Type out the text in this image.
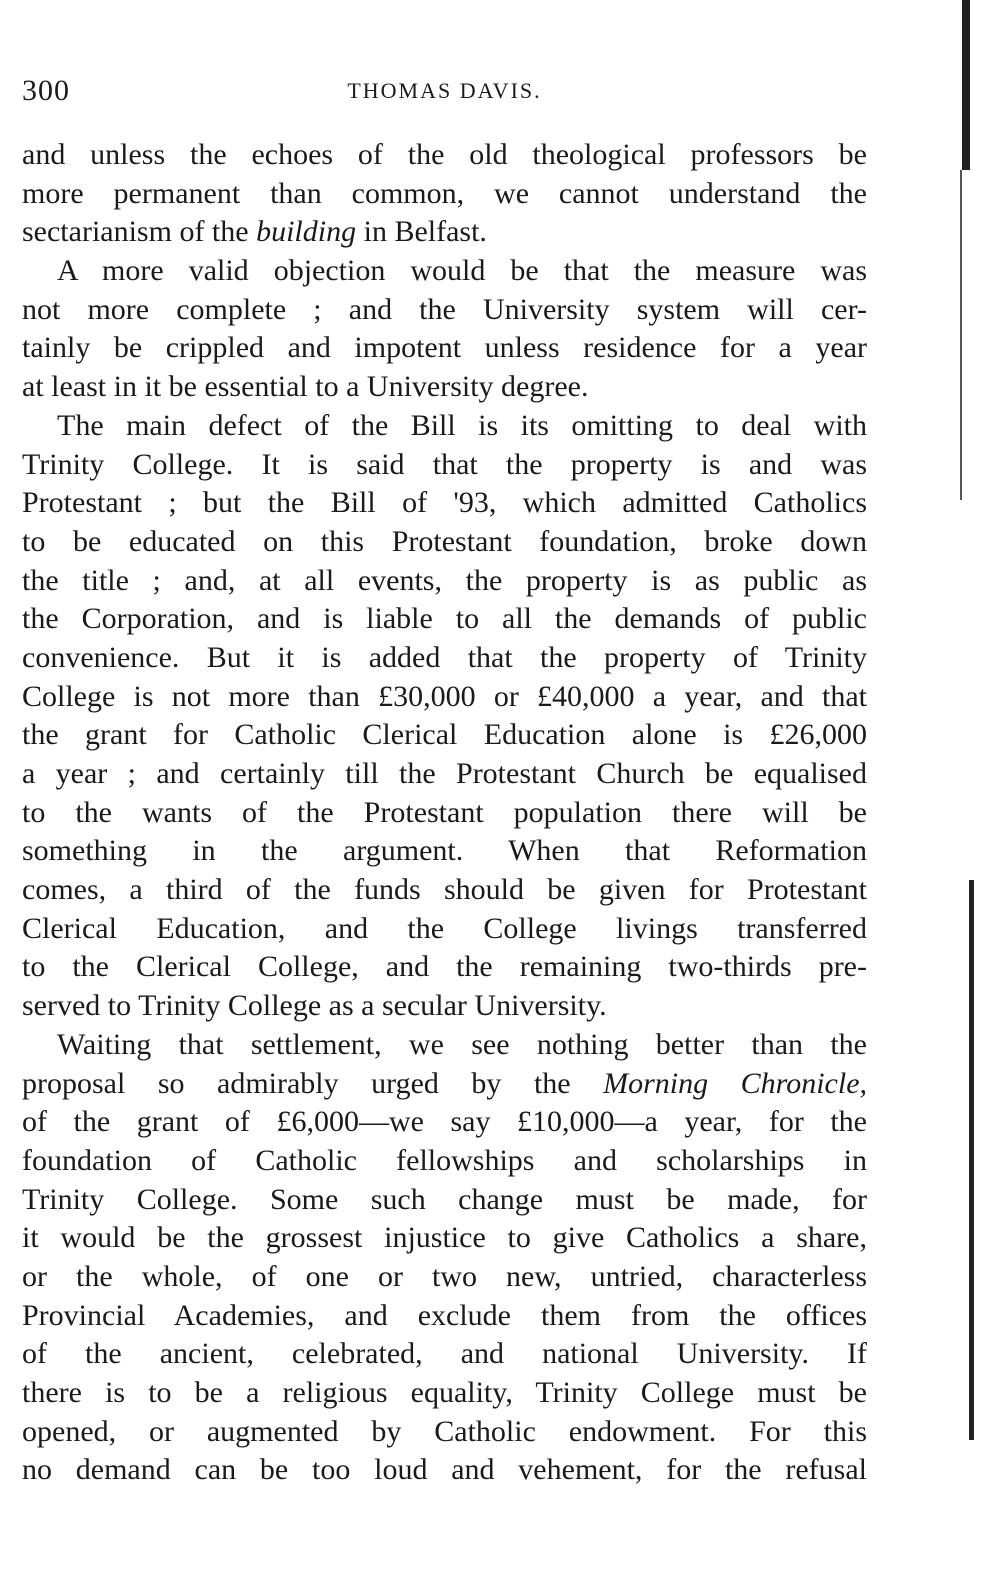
300	THOMAS DAVIS.
and unless the echoes of the old theological professors be
more permanent than common, we cannot understand the
sectarianism of the building in Belfast.
A more valid objection would be that the measure was
not more complete ; and the University system will cer-
tainly be crippled and impotent unless residence for a year
at least in it be essential to a University degree.
The main defect of the Bill is its omitting to deal with
Trinity College. It is said that the property is and was
Protestant ; but the Bill of '93, which admitted Catholics
to be educated on this Protestant foundation, broke down
the title ; and, at all events, the property is as public as
the Corporation, and is liable to all the demands of public
convenience. But it is added that the property of Trinity
College is not more than £30,000 or £40,000 a year, and that
the grant for Catholic Clerical Education alone is £26,000
a year ; and certainly till the Protestant Church be equalised
to the wants of the Protestant population there will be
something in the argument. When that Reformation
comes, a third of the funds should be given for Protestant
Clerical Education, and the College livings transferred
to the Clerical College, and the remaining two-thirds pre-
served to Trinity College as a secular University.
Waiting that settlement, we see nothing better than the
proposal so admirably urged by the Morning Chronicle,
of the grant of £6,000—we say £10,000—a year, for the
foundation of Catholic fellowships and scholarships in
Trinity College. Some such change must be made, for
it would be the grossest injustice to give Catholics a share,
or the whole, of one or two new, untried, characterless
Provincial Academies, and exclude them from the offices
of the ancient, celebrated, and national University. If
there is to be a religious equality, Trinity College must be
opened, or augmented by Catholic endowment. For this
no demand can be too loud and vehement, for the refusal
